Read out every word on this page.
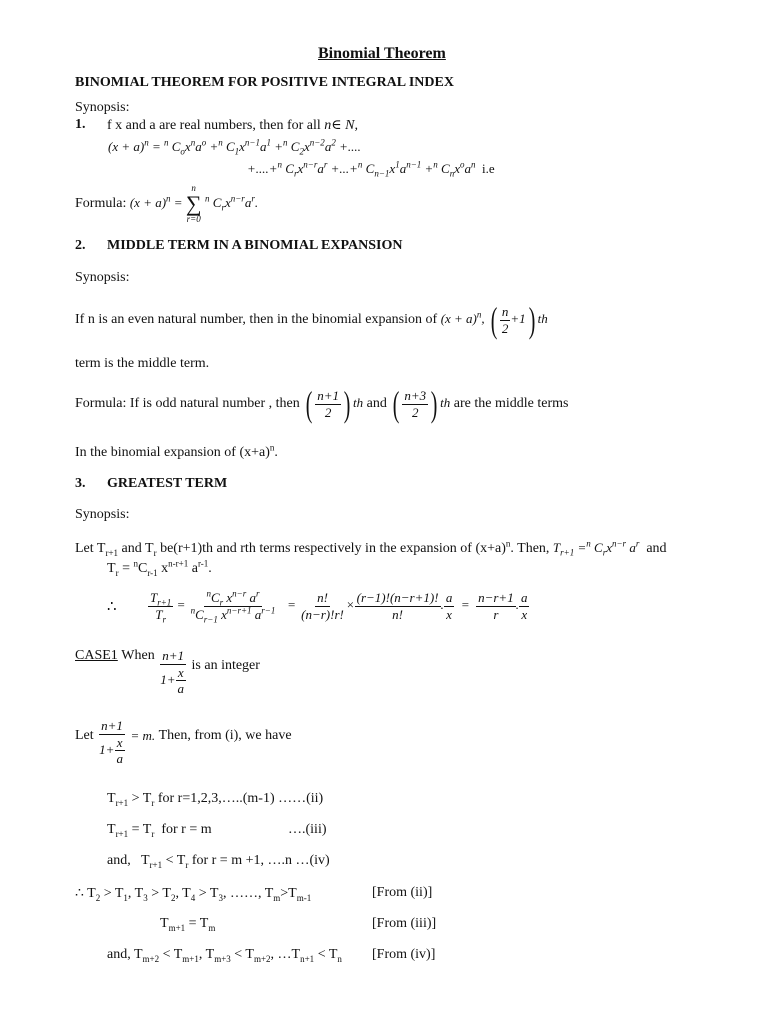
Binomial Theorem
BINOMIAL THEOREM FOR POSITIVE INTEGRAL INDEX
Synopsis:
1. f x and a are real numbers, then for all n∈ N,
$(x + a)^n = ^n$ $C_ox^na^o +^n$ $C_1x^{n-1}a^1 +^n$ $C_2x^{n-2}a^2$ +....
+....+$^n$ $C_rx^{n-r}a^r +...+^n$ $C_{n-1}x^1a^{n-1} +^n$ $C_nx^oa^n$ i.e
Formula: $(x + a)^n$ =
n
∑
r=0
$^n$ $C_rx^{n-r}a^r$.
2. MIDDLE TERM IN A BINOMIAL EXPANSION
Synopsis:
If n is an even natural number, then in the binomial expansion of $(x + a)^n$, ( $\frac{n}{2} +1$) th
term is the middle term.
Formula: If is odd natural number , then ( $\frac{n+1}{2}$ ) th and ( $\frac{n+3}{2}$ ) th are the middle terms
In the binomial expansion of $(x+a)^n$.
3. GREATEST TERM
Synopsis:
Let $T_{r+1}$ and $T_r$ be(r+1)th and rth terms respectively in the expansion of $(x+a)^n$. Then, $T_{r+1} =^n$ $C_rx^{n-r}$ $a^r$ and
$T_r = ^nC_{r-1}$ $x^{n-r+1}$ $a^{r-1}$.
∴ $\frac{T_{r+1}}{T_r} = \frac{^nC_r x^{n-r} a^r}{^nC_{r-1} x^{n-r+1} a^{r-1}} = \frac{n!}{(n-r)!r!} \times \frac{(r-1)!(n-r+1)!}{n!}$ . $\frac{a}{x} = \frac{n-r+1}{r}$ . $\frac{a}{x}$
CASE1 When $\frac{n+1}{1+ \frac{x}{a}}$ is an integer
Let $\frac{n+1}{1+ \frac{x}{a}} = m$. Then, from (i), we have
$T_{r+1} > T_r$ for r=1,2,3,…..(m-1) ……(ii)
$T_{r+1} = T_r$ for r = m	….(iii)
and,   $T_{r+1} < T_r$ for r = m +1, ….n …(iv)
∴ $T_2 > T_1$, $T_3 > T_2$, $T_4 > T_3$, ……, $T_m>T_{m-1}$	[From (ii)]
$T_{m+1} = T_m$	[From (iii)]
and, $T_{m+2} < T_{m+1}$, $T_{m+3} < T_{m+2}$, $\dots T_{n+1} < T_n$ [From (iv)]
